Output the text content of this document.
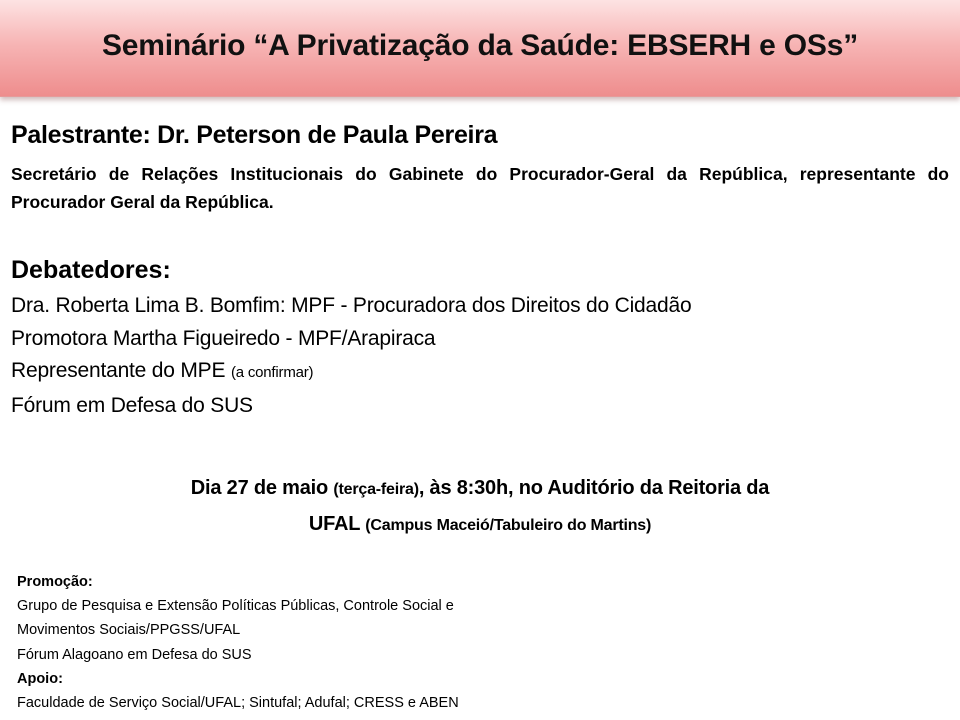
Seminário “A Privatização da Saúde: EBSERH e OSs”
Palestrante: Dr. Peterson de Paula Pereira
Secretário de Relações Institucionais do Gabinete do Procurador-Geral da República, representante do Procurador Geral da República.
Debatedores:
Dra. Roberta Lima B. Bomfim: MPF - Procuradora dos Direitos do Cidadão
Promotora Martha Figueiredo - MPF/Arapiraca
Representante do MPE (a confirmar)
Fórum em Defesa do SUS
Dia 27 de maio (terça-feira), às 8:30h, no Auditório da Reitoria da
UFAL (Campus Maceió/Tabuleiro do Martins)
Promoção:
Grupo de Pesquisa e Extensão Políticas Públicas, Controle Social e
Movimentos Sociais/PPGSS/UFAL
Fórum Alagoano em Defesa do SUS
Apoio:
Faculdade de Serviço Social/UFAL; Sintufal; Adufal; CRESS e ABEN
